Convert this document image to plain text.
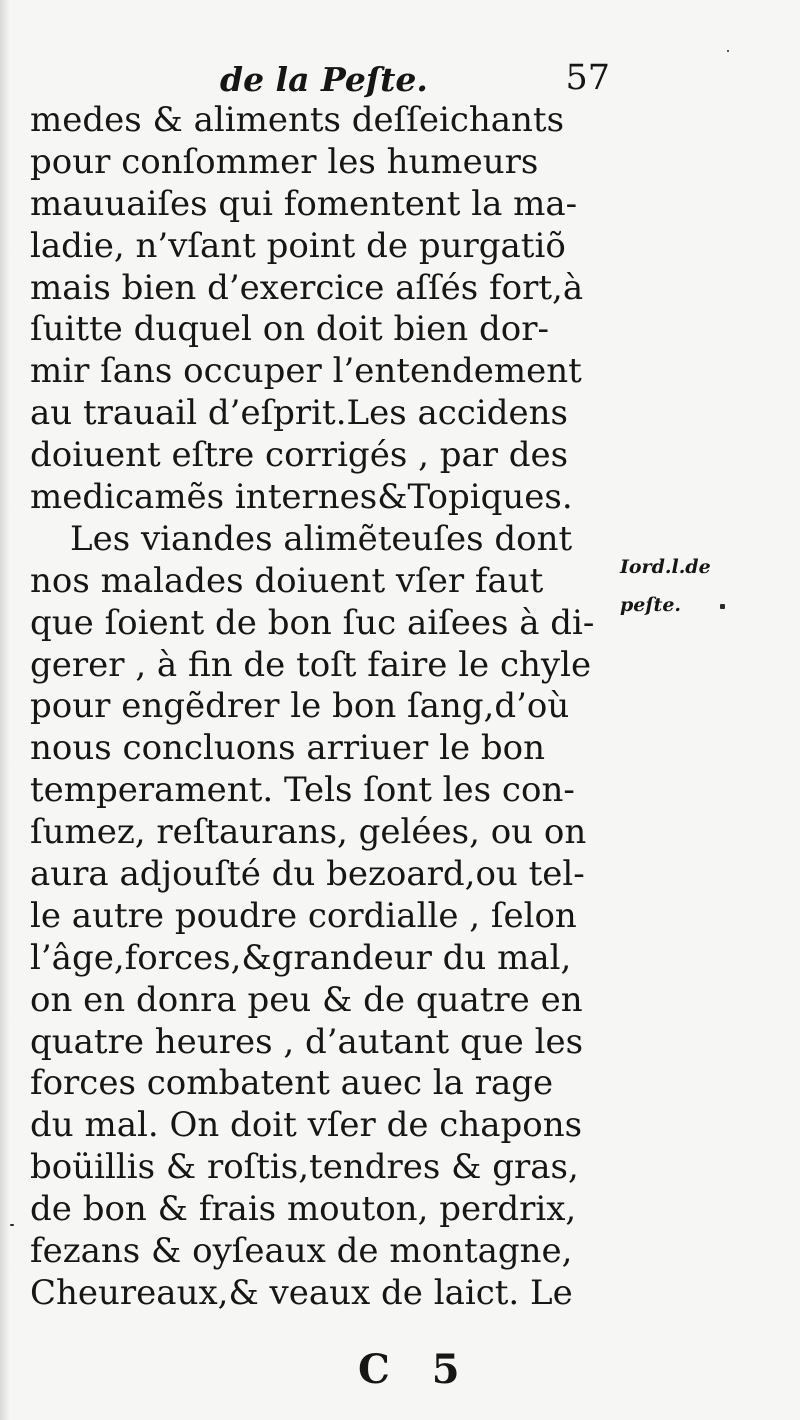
de la Peſte.	57
medes & aliments deſſeichants
pour conſommer les humeurs
mauuaiſes qui fomentent la ma-
ladie, n’vſant point de purgatiõ
mais bien d’exercice aſſés fort,à
ſuitte duquel on doit bien dor-
mir ſans occuper l’entendement
au trauail d’eſprit.Les accidens
doiuent eſtre corrigés , par des
medicamẽs internes&Topiques.
Les viandes alimẽteuſes dont
nos malades doiuent vſer faut
que ſoient de bon ſuc aiſees à di-
gerer , à fin de toſt faire le chyle
pour engẽdrer le bon ſang,d’où
nous concluons arriuer le bon
temperament. Tels ſont les con-
ſumez, reſtaurans, gelées, ou on
aura adjouſté du bezoard,ou tel-
le autre poudre cordialle , ſelon
l’âge,forces,&grandeur du mal,
on en donra peu & de quatre en
quatre heures , d’autant que les
forces combatent auec la rage
du mal. On doit vſer de chapons
boüillis & roſtis,tendres & gras,
de bon & frais mouton, perdrix,
fezans & oyſeaux de montagne,
Cheureaux,& veaux de laict. Le
Iord.l.de
peſte.
C 5
